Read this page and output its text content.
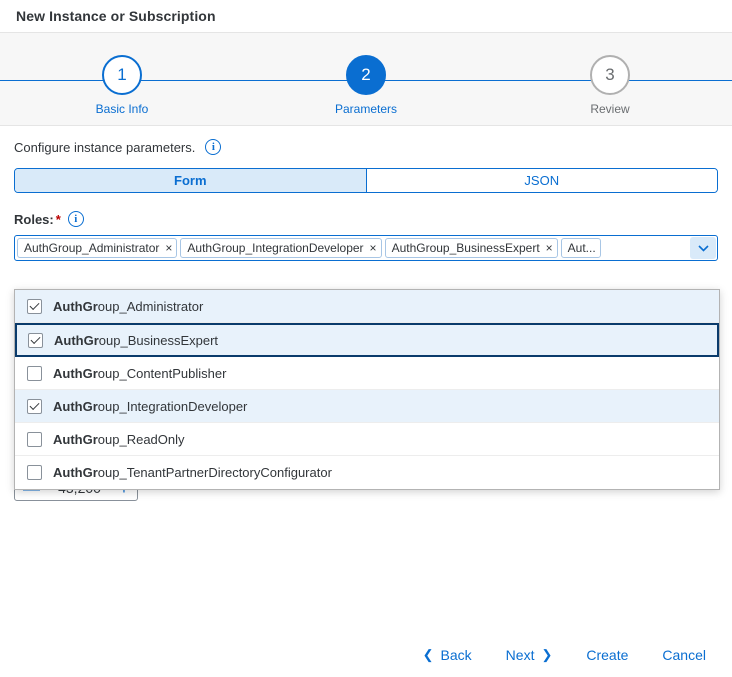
New Instance or Subscription
1
Basic Info
2
Parameters
3
Review
Configure instance parameters.	i
Form	JSON
Roles: *	i
AuthGroup_Administrator × AuthGroup_IntegrationDeveloper × AuthGroup_BusinessExpert × Aut...
AuthGroup_Administrator
AuthGroup_BusinessExpert
AuthGroup_ContentPublisher
AuthGroup_IntegrationDeveloper
AuthGroup_ReadOnly
AuthGroup_TenantPartnerDirectoryConfigurator
❮ Back Next ❯	Create	Cancel
